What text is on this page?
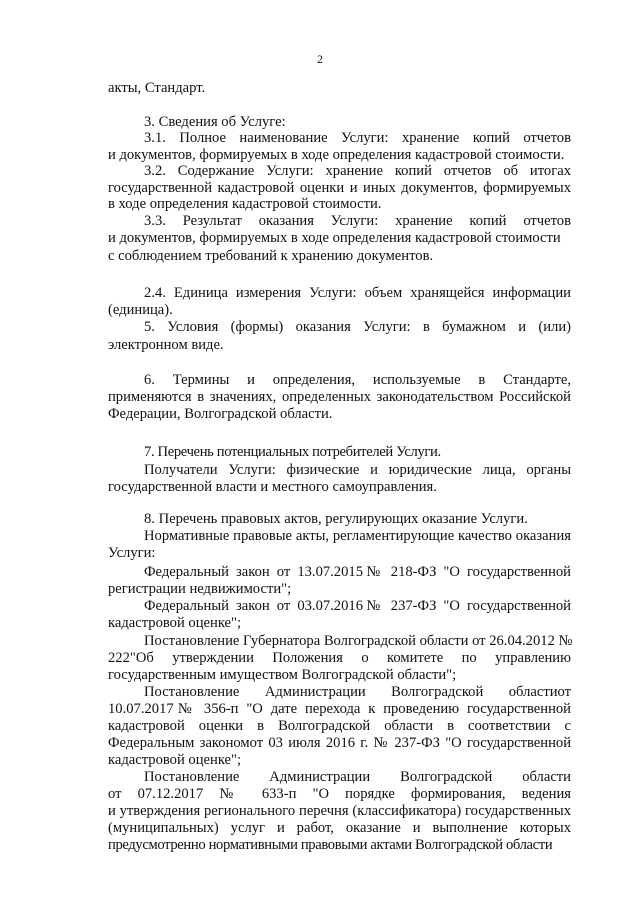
2
акты, Стандарт.
3. Сведения об Услуге:
3.1. Полное наименование Услуги: хранение копий отчетов
и документов, формируемых в ходе определения кадастровой стоимости.
3.2. Содержание Услуги: хранение копий отчетов об итогах
государственной кадастровой оценки и иных документов, формируемых
в ходе определения кадастровой стоимости.
3.3. Результат оказания Услуги: хранение копий отчетов
и документов, формируемых в ходе определения кадастровой стоимости
с соблюдением требований к хранению документов.
2.4. Единица измерения Услуги: объем хранящейся информации
(единица).
5. Условия (формы) оказания Услуги: в бумажном и (или)
электронном виде.
6. Термины и определения, используемые в Стандарте,
применяются в значениях, определенных законодательством Российской
Федерации, Волгоградской области.
7. Перечень потенциальных потребителей Услуги.
Получатели Услуги: физические и юридические лица, органы
государственной власти и местного самоуправления.
8. Перечень правовых актов, регулирующих оказание Услуги.
Нормативные правовые акты, регламентирующие качество оказания
Услуги:
Федеральный закон от 13.07.2015№ 218-ФЗ "О государственной
регистрации недвижимости";
Федеральный закон от 03.07.2016№ 237-ФЗ "О государственной
кадастровой оценке";
Постановление Губернатора Волгоградской области от 26.04.2012 №
222"Об утверждении Положения о комитете по управлению
государственным имуществом Волгоградской области";
Постановление Администрации Волгоградской областиот
10.07.2017№ 356-п "О дате перехода к проведению государственной
кадастровой оценки в Волгоградской области в соответствии с
Федеральным закономот 03 июля 2016 г. № 237-ФЗ "О государственной
кадастровой оценке";
Постановление Администрации Волгоградской области
от 07.12.2017 № 633-п "О порядке формирования, ведения
и утверждения регионального перечня (классификатора) государственных
(муниципальных) услуг и работ, оказание и выполнение которых
предусмотренно нормативными правовыми актами Волгоградской области
